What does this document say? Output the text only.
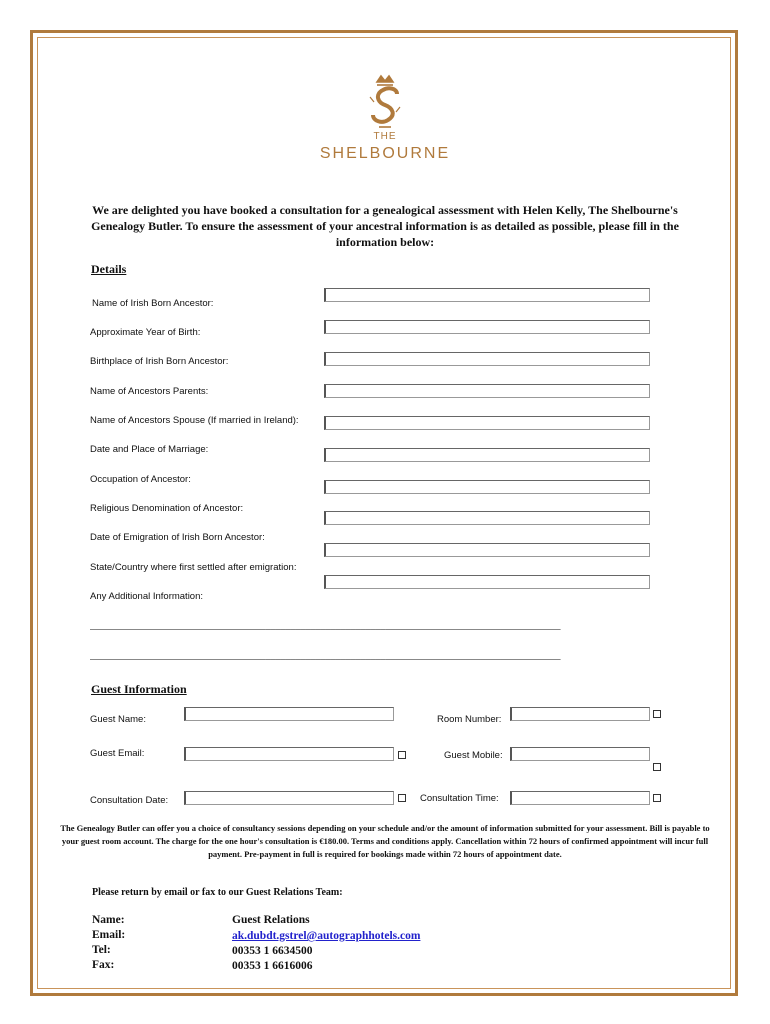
THE
SHELBOURNE
We are delighted you have booked a consultation for a genealogical assessment with Helen Kelly, The Shelbourne's Genealogy Butler. To ensure the assessment of your ancestral information is as detailed as possible, please fill in the information below:
Details
Name of Irish Born Ancestor:
Approximate Year of Birth:
Birthplace of Irish Born Ancestor:
Name of Ancestors Parents:
Name of Ancestors Spouse (If married in Ireland):
Date and Place of Marriage:
Occupation of Ancestor:
Religious Denomination of Ancestor:
Date of Emigration of Irish Born Ancestor:
State/Country where first settled after emigration:
Any Additional Information:
______________________________________________________________________________________________
______________________________________________________________________________________________
Guest Information
Guest Name:	Room Number:
Guest Email:	Guest Mobile:
Consultation Date:	Consultation Time:
The Genealogy Butler can offer you a choice of consultancy sessions depending on your schedule and/or the amount of information submitted for your assessment. Bill is payable to your guest room account. The charge for the one hour's consultation is €180.00. Terms and conditions apply. Cancellation within 72 hours of confirmed appointment will incur full payment. Pre-payment in full is required for bookings made within 72 hours of appointment date.
Please return by email or fax to our Guest Relations Team:
Name:	Guest Relations
Email:	ak.dubdt.gstrel@autographhotels.com
Tel:	00353 1 6634500
Fax:	00353 1 6616006
